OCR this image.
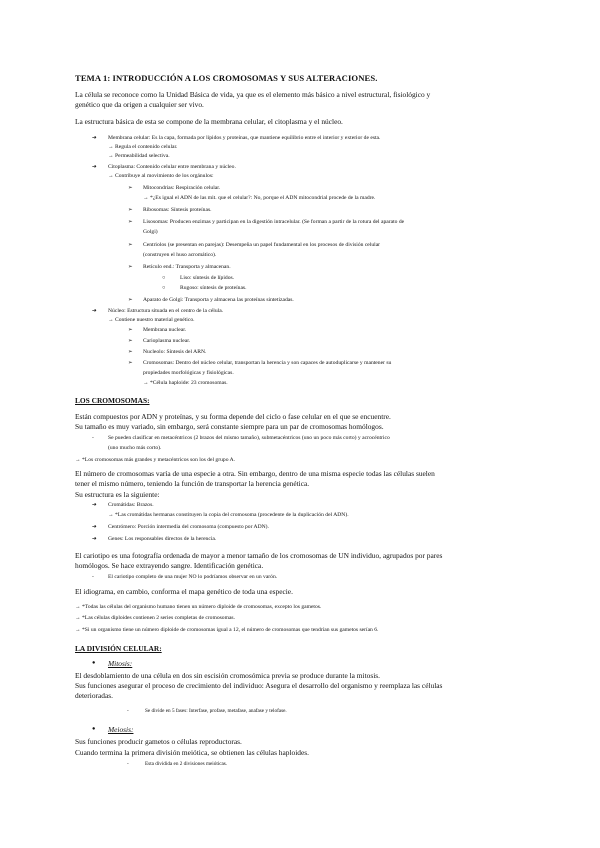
TEMA 1: INTRODUCCIÓN A LOS CROMOSOMAS Y SUS ALTERACIONES.
La célula se reconoce como la Unidad Básica de vida, ya que es el elemento más básico a nivel estructural, fisiológico y
genético que da origen a cualquier ser vivo.
La estructura básica de esta se compone de la membrana celular, el citoplasma y el núcleo.
➔ Membrana celular: Es la capa, formada por lípidos y proteínas, que mantiene equilibrio entre el interior y exterior de esta.
→ Regula el contenido celular.
→ Permeabilidad selectiva.
➔ Citoplasma: Contenido celular entre membrana y núcleo.
→ Contribuye al movimiento de los orgánulos:
➢ Mitocondrias: Respiración celular.
→ *¿Es igual el ADN de las mit. que el celular?: No, porque el ADN mitocondrial procede de la madre.
➢ Ribosomas: Síntesis proteínas.
➢ Lisosomas: Producen enzimas y participan en la digestión intracelular. (Se forman a partir de la rotura del aparato de
Golgi)
➢ Centriolos (se presentan en parejas): Desempeña un papel fundamental en los procesos de división celular
(construyen el huso acromático).
➢ Retículo end.: Transporta y almacenan.
○	Liso: síntesis de lípidos.
○	Rugoso: síntesis de proteínas.
➢ Aparato de Golgi: Transporta y almacena las proteínas sintetizadas.
➔ Núcleo: Estructura situada en el centro de la célula.
→ Contiene nuestro material genético.
➢ Membrana nuclear.
➢ Carioplasma nuclear.
➢ Nucleolo: Síntesis del ARN.
➢ Cromosomas: Dentro del núcleo celular, transportan la herencia y son capaces de autoduplicarse y mantener su
propiedades morfológicas y fisiológicas.
→ *Célula haploide: 23 cromosomas.
LOS CROMOSOMAS:
Están compuestos por ADN y proteínas, y su forma depende del ciclo o fase celular en el que se encuentre.
Su tamaño es muy variado, sin embargo, será constante siempre para un par de cromosomas homólogos.
-	Se pueden clasificar en metacéntricos (2 brazos del mismo tamaño), submetacéntricos (uno un poco más corto) y acrocéntrico
(uno mucho más corto).
→ *Los cromosomas más grandes y metacéntricos son los del grupo A.
El número de cromosomas varía de una especie a otra. Sin embargo, dentro de una misma especie todas las células suelen
tener el mismo número, teniendo la función de transportar la herencia genética.
Su estructura es la siguiente:
➔ Cromátidas: Brazos.
→ *Las cromátidas hermanas constituyen la copia del cromosoma (procedente de la duplicación del ADN).
➔ Centrómero: Porción intermedia del cromosoma (compuesto por ADN).
➔ Genes: Los responsables directos de la herencia.
El cariotipo es una fotografía ordenada de mayor a menor tamaño de los cromosomas de UN individuo, agrupados por pares
homólogos. Se hace extrayendo sangre. Identificación genética.
-	El cariotipo completo de una mujer NO lo podríamos observar en un varón.
El idiograma, en cambio, conforma el mapa genético de toda una especie.
→ *Todas las células del organismo humano tienen un número diploide de cromosomas, excepto los gametos.
→ *Las células diploides contienen 2 series completas de cromosomas.
→ *Si un organismo tiene un número diploide de cromosomas igual a 12, el número de cromosomas que tendrían sus gametos serían 6.
LA DIVISIÓN CELULAR:
● Mitosis:
El desdoblamiento de una célula en dos sin escisión cromosómica previa se produce durante la mitosis.
Sus funciones asegurar el proceso de crecimiento del individuo: Asegura el desarrollo del organismo y reemplaza las células
deterioradas.
-	Se divide en 5 fases: Interfase, profase, metafase, anafase y telofase.
● Meiosis:
Sus funciones producir gametos o células reproductoras.
Cuando termina la primera división meiótica, se obtienen las células haploides.
-	Esta dividida en 2 divisiones meióticas.
